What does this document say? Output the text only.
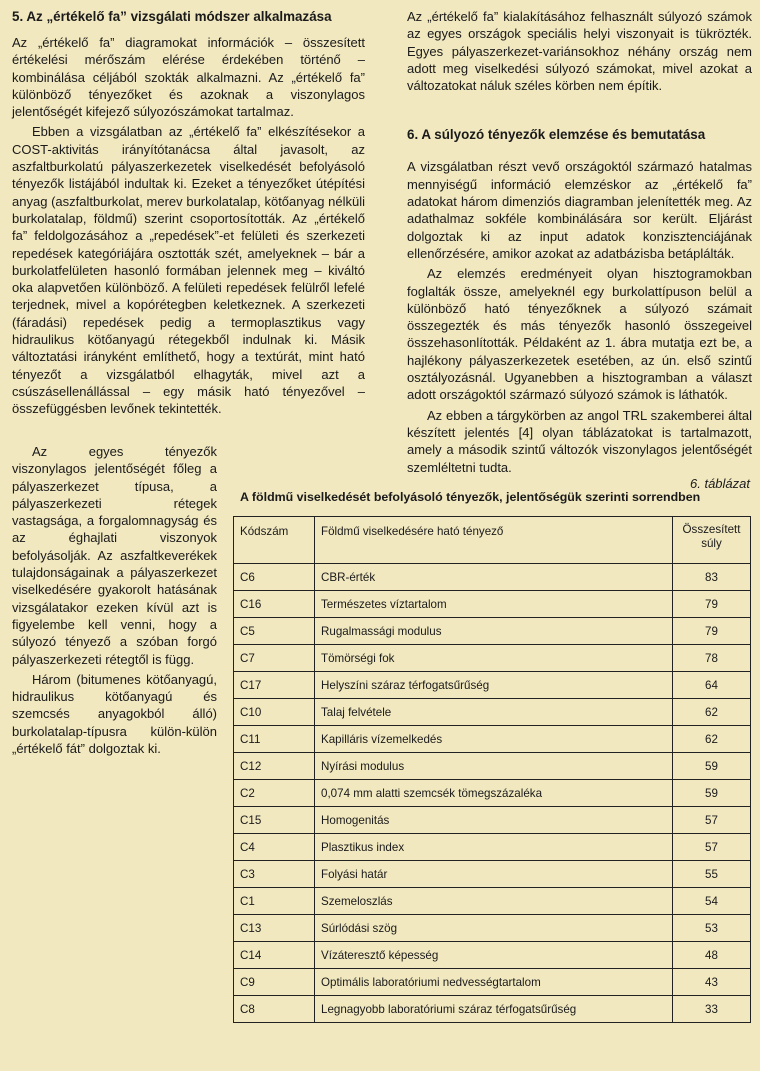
5. Az „értékelő fa” vizsgálati módszer alkalmazása

Az „értékelő fa” diagramokat információk – összesített értékelési mérőszám elérése érdekében történő – kombinálása céljából szokták alkalmazni. Az „értékelő fa” különböző tényezőket és azoknak a viszonylagos jelentőségét kifejező súlyozószámokat tartalmaz.

Ebben a vizsgálatban az „értékelő fa” elkészítésekor a COST-aktivitás irányítótanácsa által javasolt, az aszfaltburkolatú pályaszerkezetek viselkedését befolyásoló tényezők listájából indultak ki. Ezeket a tényezőket útépítési anyag (aszfaltburkolat, merev burkolatalap, kötőanyag nélküli burkolatalap, földmű) szerint csoportosították. Az „értékelő fa” feldolgozásához a „repedések”-et felületi és szerkezeti repedések kategóriájára osztották szét, amelyeknek – bár a burkolatfelületen hasonló formában jelennek meg – kiváltó oka alapvetően különböző. A felületi repedések felülről lefelé terjednek, mivel a kopórétegben keletkeznek. A szerkezeti (fáradási) repedések pedig a termoplasztikus vagy hidraulikus kötőanyagú rétegekből indulnak ki. Másik változtatási irányként említhető, hogy a textúrát, mint ható tényezőt a vizsgálatból elhagyták, mivel azt a csúszásellenállással – egy másik ható tényezővel – összefüggésben levőnek tekintették.

Az „értékelő fa” kialakításához felhasznált súlyozó számok az egyes országok speciális helyi viszonyait is tükrözték. Egyes pályaszerkezet-variánsokhoz néhány ország nem adott meg viselkedési súlyozó számokat, mivel azokat a változatokat náluk széles körben nem építik.

6. A súlyozó tényezők elemzése és bemutatása

A vizsgálatban részt vevő országoktól származó hatalmas mennyiségű információ elemzéskor az „értékelő fa” adatokat három dimenziós diagramban jelenítették meg. Az adathalmaz sokféle kombinálására sor került. Eljárást dolgoztak ki az input adatok konzisztenciájának ellenőrzésére, amikor azokat az adatbázisba betáplálták.

Az elemzés eredményeit olyan hisztogramokban foglalták össze, amelyeknél egy burkolattípuson belül a különböző ható tényezőknek a súlyozó számait összegezték és más tényezők hasonló összegeivel összehasonlították. Példaként az 1. ábra mutatja ezt be, a hajlékony pályaszerkezetek esetében, az ún. első szintű osztályozásnál. Ugyanebben a hisztogramban a választ adott országoktól származó súlyozó számok is láthatók.

Az ebben a tárgykörben az angol TRL szakemberei által készített jelentés [4] olyan táblázatokat is tartalmazott, amely a második szintű változók viszonylagos jelentőségét szemléltetni tudta.

Az egyes tényezők viszonylagos jelentőségét főleg a pályaszerkezet típusa, a pályaszerkezeti rétegek vastagsága, a forgalomnagyság és az éghajlati viszonyok befolyásolják. Az aszfaltkeverékek tulajdonságainak a pályaszerkezet viselkedésére gyakorolt hatásának vizsgálatakor ezeken kívül azt is figyelembe kell venni, hogy a súlyozó tényező a szóban forgó pályaszerkezeti rétegtől is függ.

Három (bitumenes kötőanyagú, hidraulikus kötőanyagú és szemcsés anyagokból álló) burkolatalap-típusra külön-külön „értékelő fát” dolgoztak ki.

6. táblázat
A földmű viselkedését befolyásoló tényezők, jelentőségük szerinti sorrendben
Kódszám	Földmű viselkedésére ható tényező	Összesített súly
C6	CBR-érték	83
C16	Természetes víztartalom	79
C5	Rugalmassági modulus	79
C7	Tömörségi fok	78
C17	Helyszíni száraz térfogatsűrűség	64
C10	Talaj felvétele	62
C11	Kapilláris vízemelkedés	62
C12	Nyírási modulus	59
C2	0,074 mm alatti szemcsék tömegszázaléka	59
C15	Homogenitás	57
C4	Plasztikus index	57
C3	Folyási határ	55
C1	Szemeloszlás	54
C13	Súrlódási szög	53
C14	Vízáteresztő képesség	48
C9	Optimális laboratóriumi nedvességtartalom	43
C8	Legnagyobb laboratóriumi száraz térfogatsűrűség	33
